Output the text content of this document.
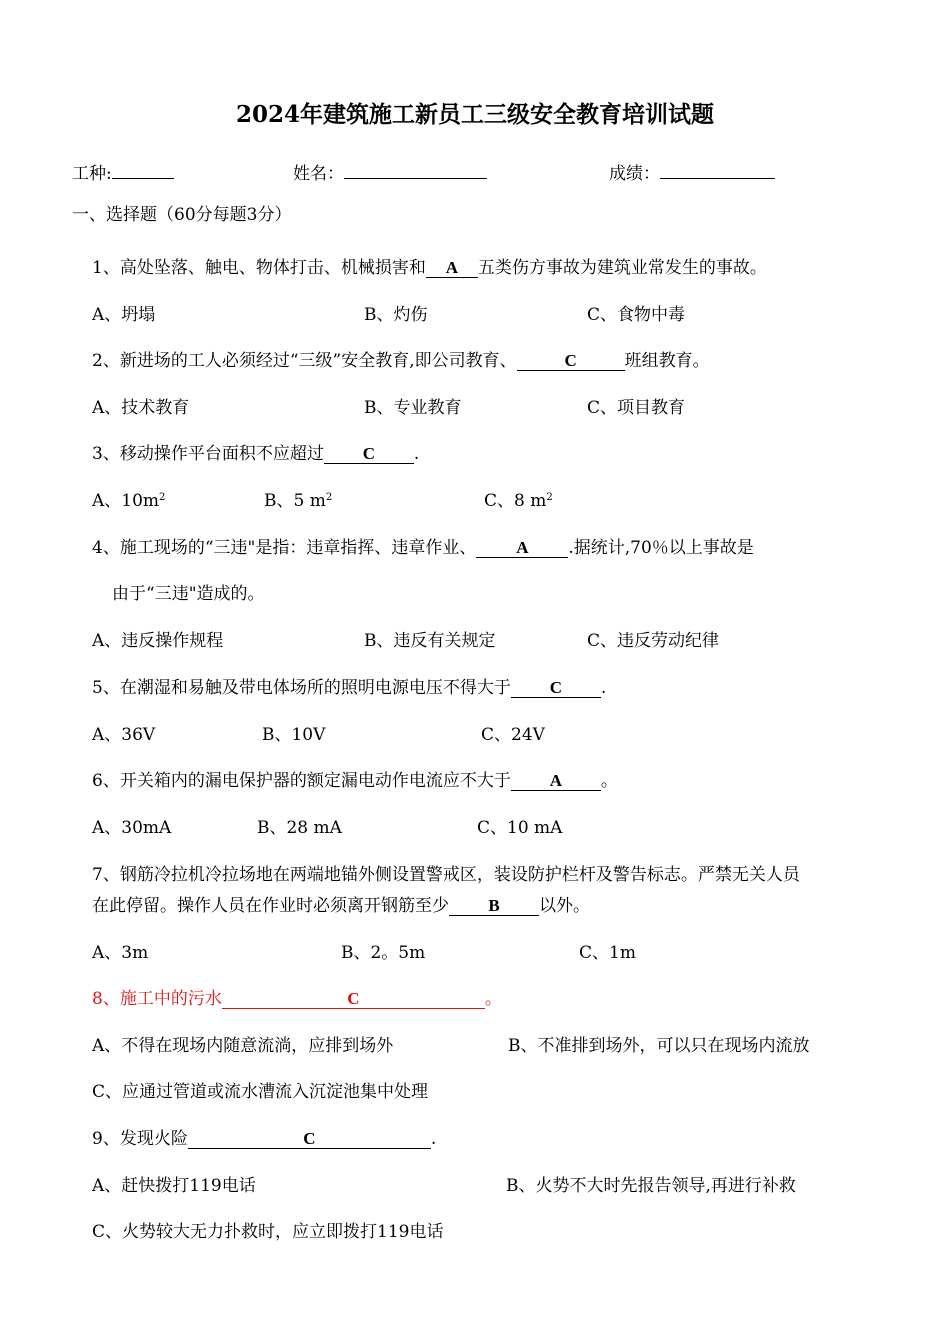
2024年建筑施工新员工三级安全教育培训试题
工种:	姓名：	成绩：
一、选择题（60分每题3分）
1、高处坠落、触电、物体打击、机械损害和 A 五类伤方事故为建筑业常发生的事故。
A、坍塌	B、灼伤	C、食物中毒
2、新进场的工人必须经过“三级”安全教育,即公司教育、	C	班组教育。
A、技术教育	B、专业教育	C、项目教育
3、移动操作平台面积不应超过 C .
A、$10m^2$	B、5 $m^2$	C、8 $m^2$
4、施工现场的“三违"是指：违章指挥、违章作业、 A .据统计,70％以上事故是
由于“三违"造成的。
A、违反操作规程	B、违反有关规定	C、违反劳动纪律
5、在潮湿和易触及带电体场所的照明电源电压不得大于 C .
A、36V	B、10V	C、24V
6、开关箱内的漏电保护器的额定漏电动作电流应不大于 A 。
A、30mA	B、28 mA	C、10 mA
7、钢筋冷拉机冷拉场地在两端地锚外侧设置警戒区，装设防护栏杆及警告标志。严禁无关人员
在此停留。操作人员在作业时必须离开钢筋至少 B 以外。
A、3m	B、2。5m	C、1m
8、施工中的污水	C	。
A、不得在现场内随意流淌，应排到场外	B、不准排到场外，可以只在现场内流放
C、应通过管道或流水漕流入沉淀池集中处理
9、发现火险	C	.
A、赶快拨打119电话	B、火势不大时先报告领导,再进行补救
C、火势较大无力扑救时，应立即拨打119电话
